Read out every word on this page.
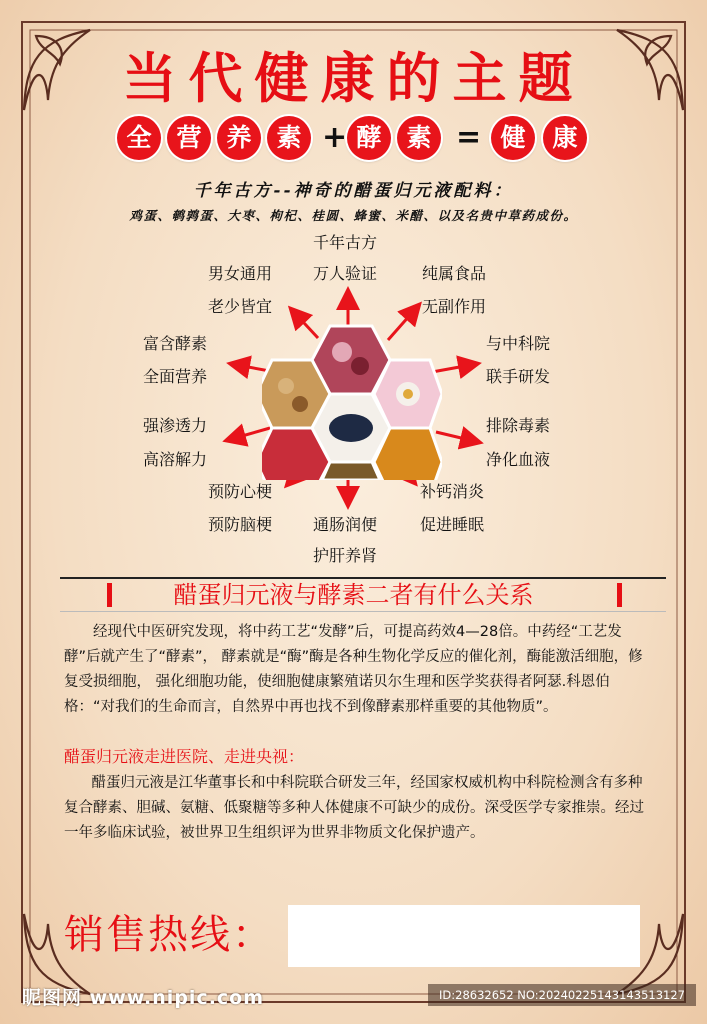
当代健康的主题
全 营 养 素 + 酵 素 = 健	康
千年古方--神奇的醋蛋归元液配料：
鸡蛋、鹌鹑蛋、大枣、枸杞、桂圆、蜂蜜、米醋、以及名贵中草药成份。
千年古方
万人验证
男女通用
老少皆宜
纯属食品
无副作用
富含酵素
全面营养
与中科院
联手研发
强渗透力
高溶解力
排除毒素
净化血液
预防心梗
预防脑梗
补钙消炎
促进睡眠
通肠润便
护肝养肾
醋蛋归元液与酵素二者有什么关系

经现代中医研究发现，将中药工艺“发酵”后，可提高药效4—28倍。中药经“工艺发酵”后就产生了“酵素”， 酵素就是“酶”酶是各种生物化学反应的催化剂，酶能激活细胞，修复受损细胞， 强化细胞功能，使细胞健康繁殖诺贝尔生理和医学奖获得者阿瑟.科恩伯格：“对我们的生命而言，自然界中再也找不到像酵素那样重要的其他物质”。

醋蛋归元液走进医院、走进央视：

醋蛋归元液是江华董事长和中科院联合研发三年，经国家权威机构中科院检测含有多种复合酵素、胆碱、氨糖、低聚糖等多种人体健康不可缺少的成份。深受医学专家推崇。经过一年多临床试验，被世界卫生组织评为世界非物质文化保护遗产。

销售热线：
昵图网 www.nipic.com	ID:28632652 NO:20240225143143513127
